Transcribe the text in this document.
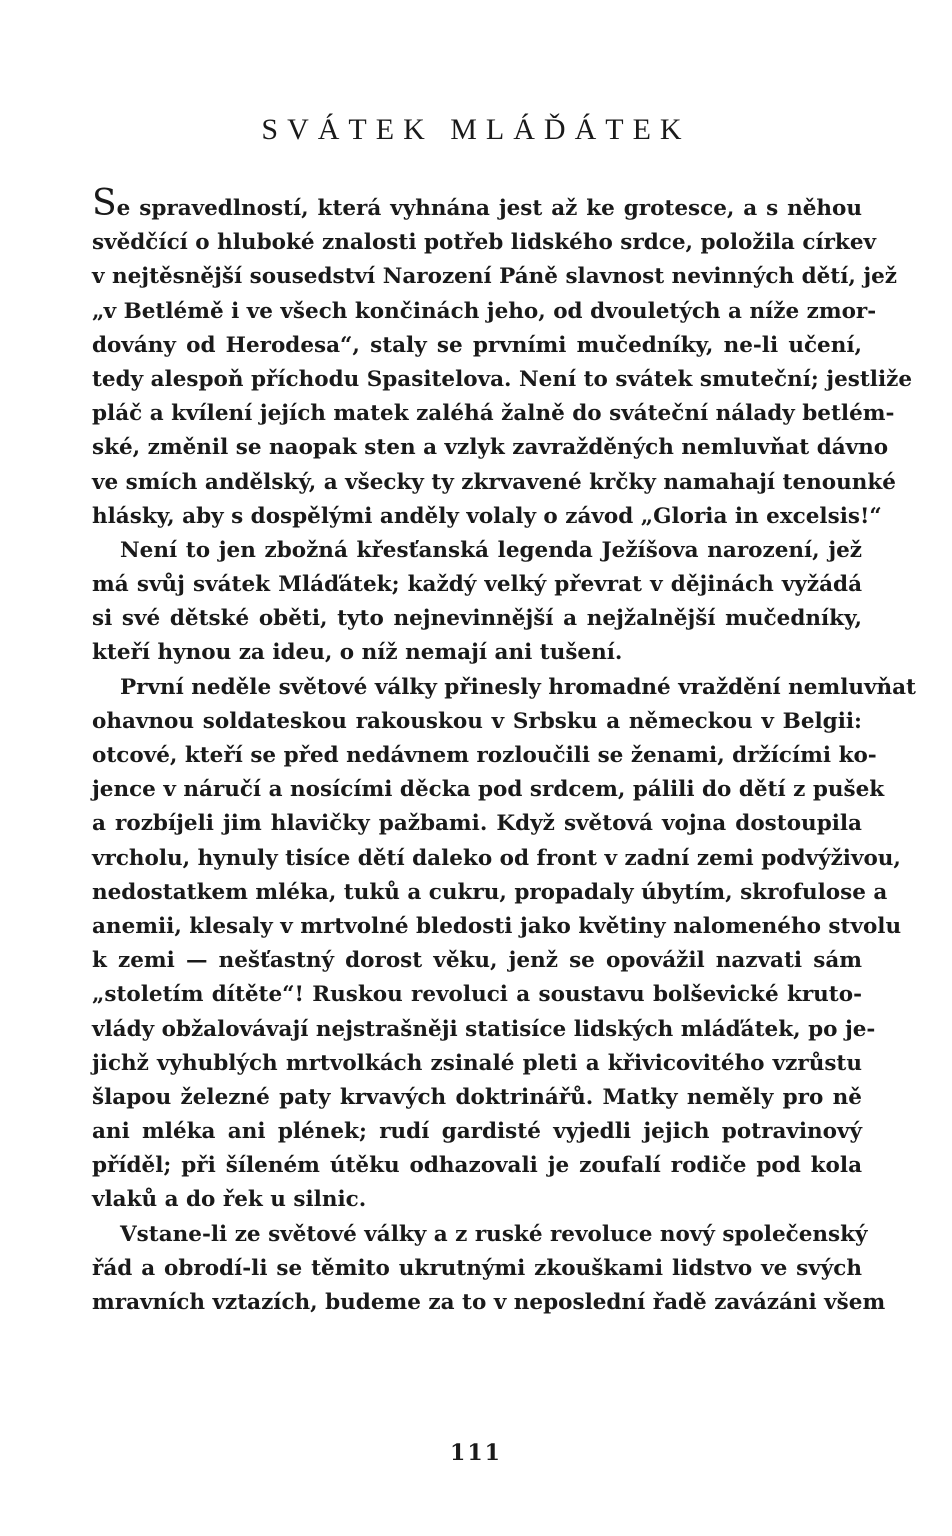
SVÁTEK MLÁĎÁTEK
Se spravedlností, která vyhnána jest až ke grotesce, a s něhou
svědčící o hluboké znalosti potřeb lidského srdce, položila církev
v nejtěsnější sousedství Narození Páně slavnost nevinných dětí, jež
„v Betlémě i ve všech končinách jeho, od dvouletých a níže zmor-
dovány od Herodesa“, staly se prvními mučedníky, ne-li učení,
tedy alespoň příchodu Spasitelova. Není to svátek smuteční; jestliže
pláč a kvílení jejích matek zaléhá žalně do sváteční nálady betlém-
ské, změnil se naopak sten a vzlyk zavražděných nemluvňat dávno
ve smích andělský, a všecky ty zkrvavené krčky namahají tenounké
hlásky, aby s dospělými anděly volaly o závod „Gloria in excelsis!“
Není to jen zbožná křesťanská legenda Ježíšova narození, jež
má svůj svátek Mláďátek; každý velký převrat v dějinách vyžádá
si své dětské oběti, tyto nejnevinnější a nejžalnější mučedníky,
kteří hynou za ideu, o níž nemají ani tušení.
První neděle světové války přinesly hromadné vraždění nemluvňat
ohavnou soldateskou rakouskou v Srbsku a německou v Belgii:
otcové, kteří se před nedávnem rozloučili se ženami, držícími ko-
jence v náručí a nosícími děcka pod srdcem, pálili do dětí z pušek
a rozbíjeli jim hlavičky pažbami. Když světová vojna dostoupila
vrcholu, hynuly tisíce dětí daleko od front v zadní zemi podvýživou,
nedostatkem mléka, tuků a cukru, propadaly úbytím, skrofulose a
anemii, klesaly v mrtvolné bledosti jako květiny nalomeného stvolu
k zemi — nešťastný dorost věku, jenž se opovážil nazvati sám
„stoletím dítěte“! Ruskou revoluci a soustavu bolševické kruto-
vlády obžalovávají nejstrašněji statisíce lidských mláďátek, po je-
jichž vyhublých mrtvolkách zsinalé pleti a křivicovitého vzrůstu
šlapou železné paty krvavých doktrinářů. Matky neměly pro ně
ani mléka ani plének; rudí gardisté vyjedli jejich potravinový
příděl; při šíleném útěku odhazovali je zoufalí rodiče pod kola
vlaků a do řek u silnic.
Vstane-li ze světové války a z ruské revoluce nový společenský
řád a obrodí-li se těmito ukrutnými zkouškami lidstvo ve svých
mravních vztazích, budeme za to v neposlední řadě zavázáni všem
111
